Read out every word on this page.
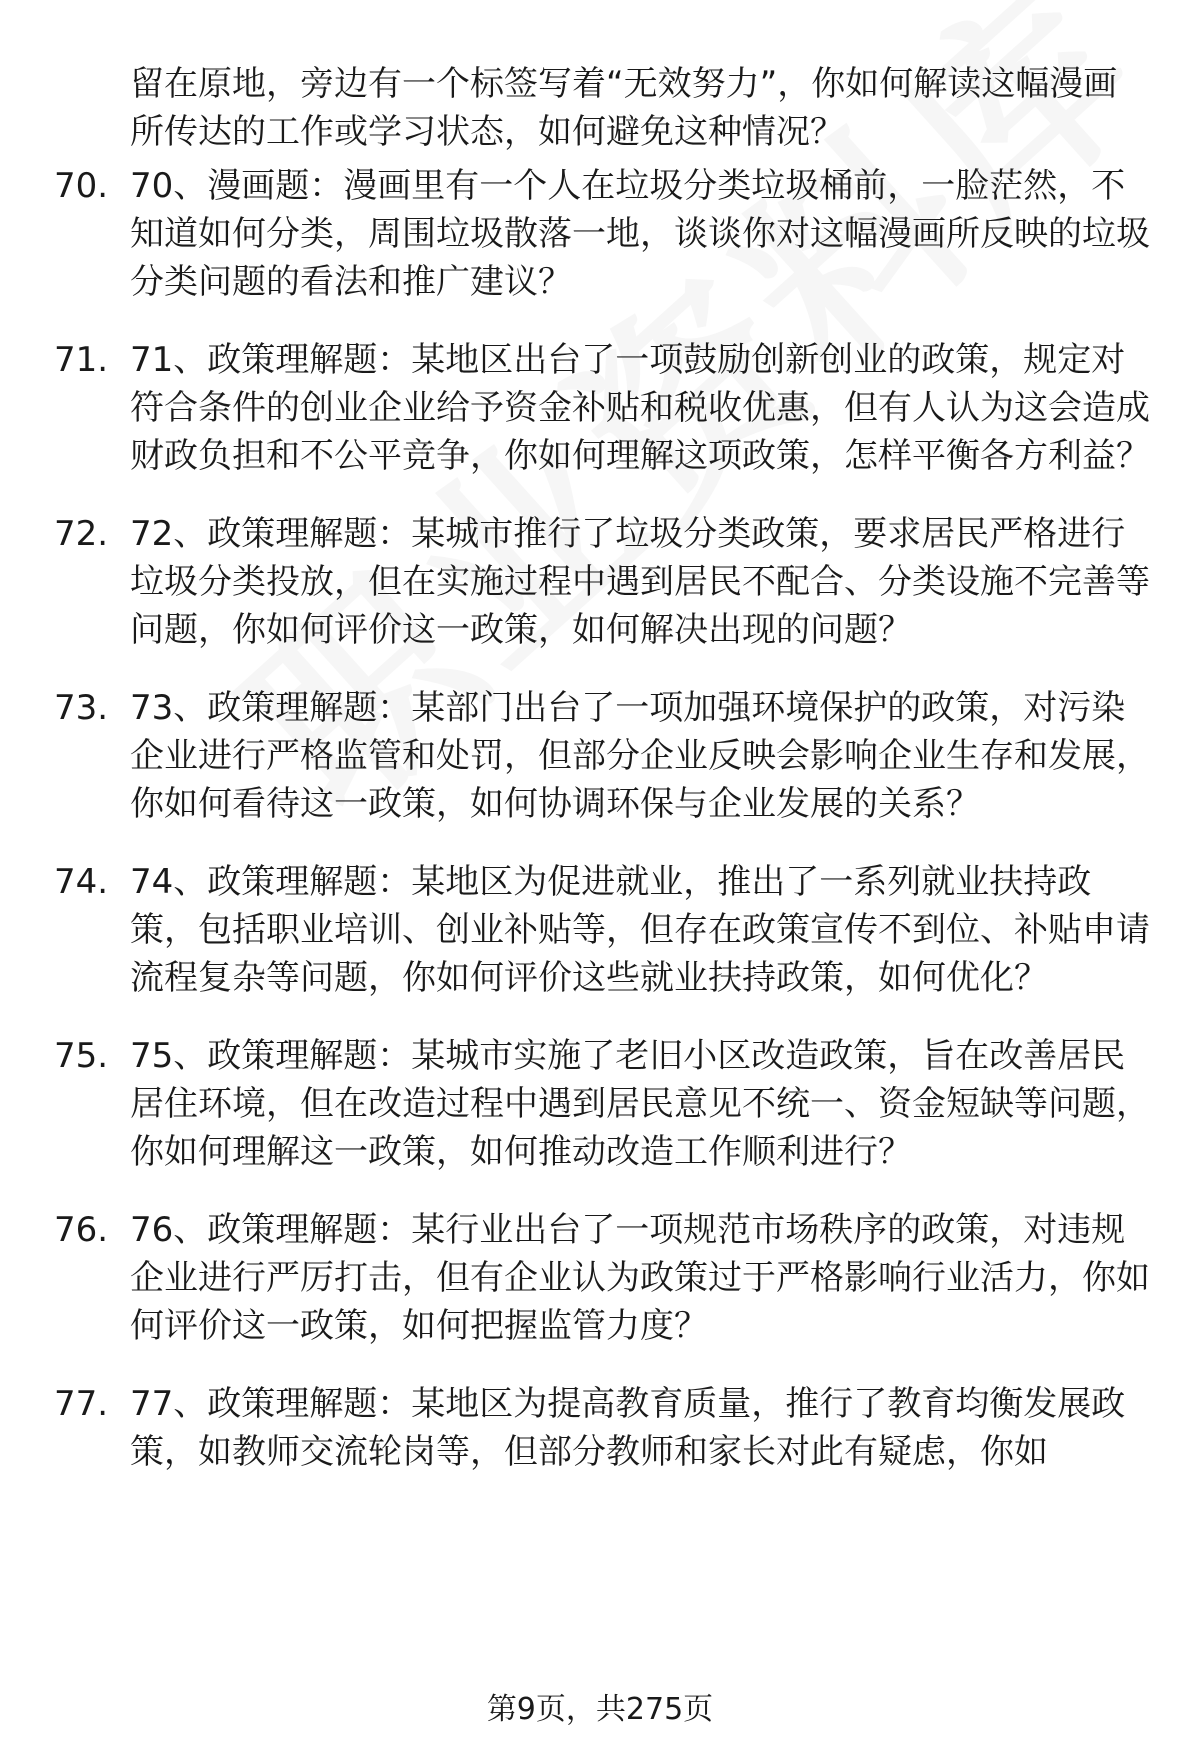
留在原地，旁边有一个标签写着“无效努力”，你如何解读这幅漫画所传达的工作或学习状态，如何避免这种情况？
70. 70、漫画题：漫画里有一个人在垃圾分类垃圾桶前，一脸茫然，不知道如何分类，周围垃圾散落一地，谈谈你对这幅漫画所反映的垃圾分类问题的看法和推广建议？
71. 71、政策理解题：某地区出台了一项鼓励创新创业的政策，规定对符合条件的创业企业给予资金补贴和税收优惠，但有人认为这会造成财政负担和不公平竞争，你如何理解这项政策，怎样平衡各方利益？
72. 72、政策理解题：某城市推行了垃圾分类政策，要求居民严格进行垃圾分类投放，但在实施过程中遇到居民不配合、分类设施不完善等问题，你如何评价这一政策，如何解决出现的问题？
73. 73、政策理解题：某部门出台了一项加强环境保护的政策，对污染企业进行严格监管和处罚，但部分企业反映会影响企业生存和发展，你如何看待这一政策，如何协调环保与企业发展的关系？
74. 74、政策理解题：某地区为促进就业，推出了一系列就业扶持政策，包括职业培训、创业补贴等，但存在政策宣传不到位、补贴申请流程复杂等问题，你如何评价这些就业扶持政策，如何优化？
75. 75、政策理解题：某城市实施了老旧小区改造政策，旨在改善居民居住环境，但在改造过程中遇到居民意见不统一、资金短缺等问题，你如何理解这一政策，如何推动改造工作顺利进行？
76. 76、政策理解题：某行业出台了一项规范市场秩序的政策，对违规企业进行严厉打击，但有企业认为政策过于严格影响行业活力，你如何评价这一政策，如何把握监管力度？
77. 77、政策理解题：某地区为提高教育质量，推行了教育均衡发展政策，如教师交流轮岗等，但部分教师和家长对此有疑虑，你如
第9页，共275页
